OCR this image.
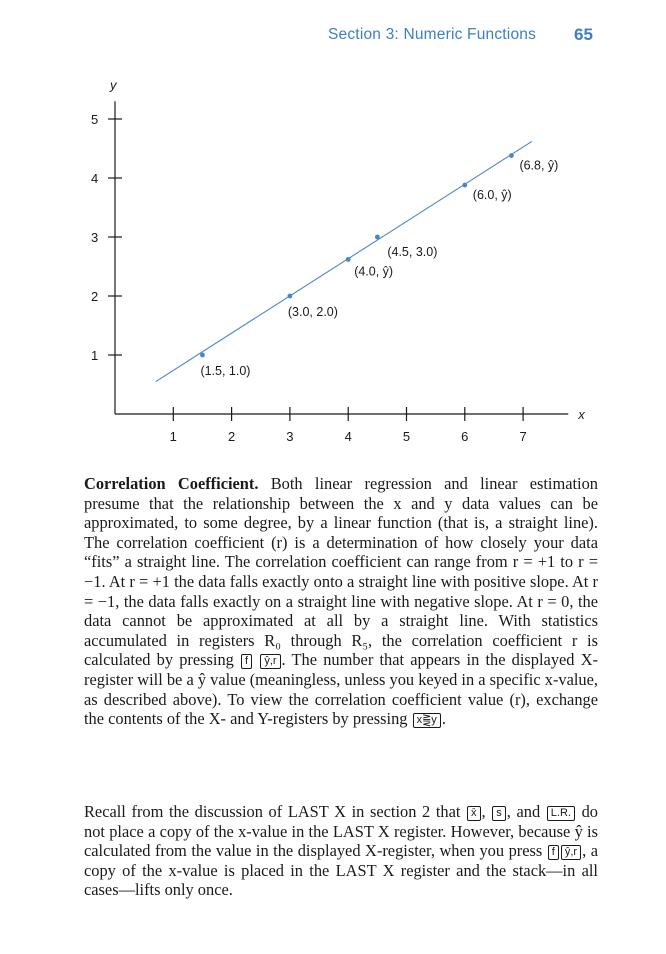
Section 3: Numeric Functions 65
x
y
1	2	3	4	5	6	7
1
2
3
4
5
(1.5, 1.0)
(3.0, 2.0)
(4.0, ŷ)
(4.5, 3.0)
(6.0, ŷ)
(6.8, ŷ)
Correlation Coefficient. Both linear regression and linear estimation presume that the relationship between the x and y data values can be approximated, to some degree, by a linear function (that is, a straight line). The correlation coefficient (r) is a determination of how closely your data “fits” a straight line. The correlation coefficient can range from r = +1 to r = −1. At r = +1 the data falls exactly onto a straight line with positive slope. At r = −1, the data falls exactly on a straight line with negative slope. At r = 0, the data cannot be approximated at all by a straight line. With statistics accumulated in registers R₀ through R₅, the correlation coefficient r is calculated by pressing f ŷ,r . The number that appears in the displayed X-register will be a ŷ value (meaningless, unless you keyed in a specific x-value, as described above). To view the correlation coefficient value (r), exchange the contents of the X- and Y-registers by pressing x⪌y .
Recall from the discussion of LAST X in section 2 that x̄ , s , and L.R. do not place a copy of the x-value in the LAST X register. However, because ŷ is calculated from the value in the displayed X-register, when you press f ŷ,r , a copy of the x-value is placed in the LAST X register and the stack—in all cases—lifts only once.
